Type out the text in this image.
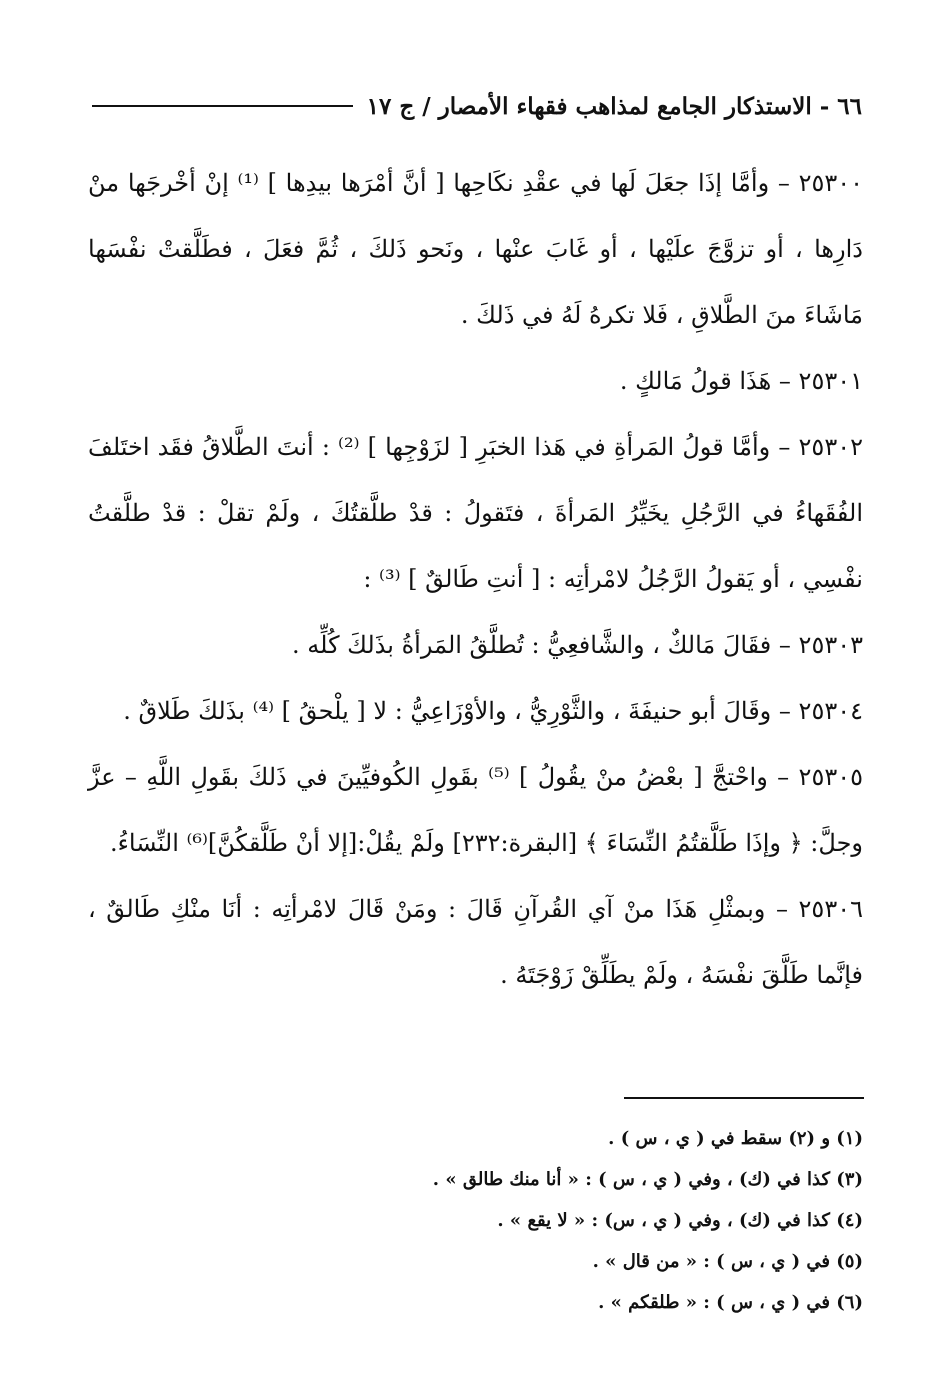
٦٦ - الاستذكار الجامع لمذاهب فقهاء الأمصار / ج ١٧

٢٥٣٠٠ – وأمَّا إذَا جعَلَ لَها في عقْدِ نكَاحِها [ أنَّ أمْرَها بيدِها ] ⁽¹⁾ إنْ أخْرجَها منْ دَارِها ، أو تزوَّجَ علَيْها ، أو غَابَ عنْها ، ونَحو ذَلكَ ، ثُمَّ فعَلَ ، فطَلَّقتْ نفْسَها مَاشَاءَ منَ الطَّلاقِ ، فَلا تكرهُ لَهُ في ذَلكَ .

٢٥٣٠١ – هَذَا قولُ مَالكٍ .

٢٥٣٠٢ – وأمَّا قولُ المَرأةِ في هَذا الخبَرِ [ لزَوْجِها ] ⁽²⁾ : أنتَ الطَّلاقُ فقَد اختَلفَ الفُقَهاءُ في الرَّجُلِ يخَيِّرُ المَرأةَ ، فتَقولُ : قدْ طلَّقتُكَ ، ولَمْ تقلْ : قدْ طلَّقتُ نفْسِي ، أو يَقولُ الرَّجُلُ لامْرأتِه : [ أنتِ طَالقٌ ] ⁽³⁾ :

٢٥٣٠٣ – فقَالَ مَالكٌ ، والشَّافعِيُّ : تُطلَّقُ المَرأةُ بذَلكَ كُلِّه .

٢٥٣٠٤ – وقَالَ أبو حنيفَةَ ، والثَّوْرِيُّ ، والأوْزَاعِيُّ : لا [ يلْحقُ ] ⁽⁴⁾ بذَلكَ طَلاقٌ .

٢٥٣٠٥ – واحْتجَّ [ بعْضُ منْ يقُولُ ] ⁽⁵⁾ بقَولِ الكُوفيِّينَ في ذَلكَ بقَولِ اللَّهِ – عزَّ وجلَّ: ﴿ وإذَا طَلَّقتُمُ النِّسَاءَ ﴾ [البقرة:٢٣٢] ولَمْ يقُلْ:[إلا أنْ طَلَّقكُنَّ]⁽⁶⁾ النِّسَاءُ.

٢٥٣٠٦ – وبمثْلِ هَذَا منْ آي القُرآنِ قَالَ : ومَنْ قَالَ لامْرأتِه : أنَا منْكِ طَالقٌ ، فإنَّما طَلَّقَ نفْسَهُ ، ولَمْ يطَلِّقْ زَوْجَتَهُ .

(١) و (٢) سقط في ( ي ، س ) .

(٣) كذا في (ك) ، وفي ( ي ، س ) : « أنا منك طالق » .

(٤) كذا في (ك) ، وفي ( ي ، س) : « لا يقع » .

(٥) في ( ي ، س ) : « من قال » .

(٦) في ( ي ، س ) : « طلقكم » .
